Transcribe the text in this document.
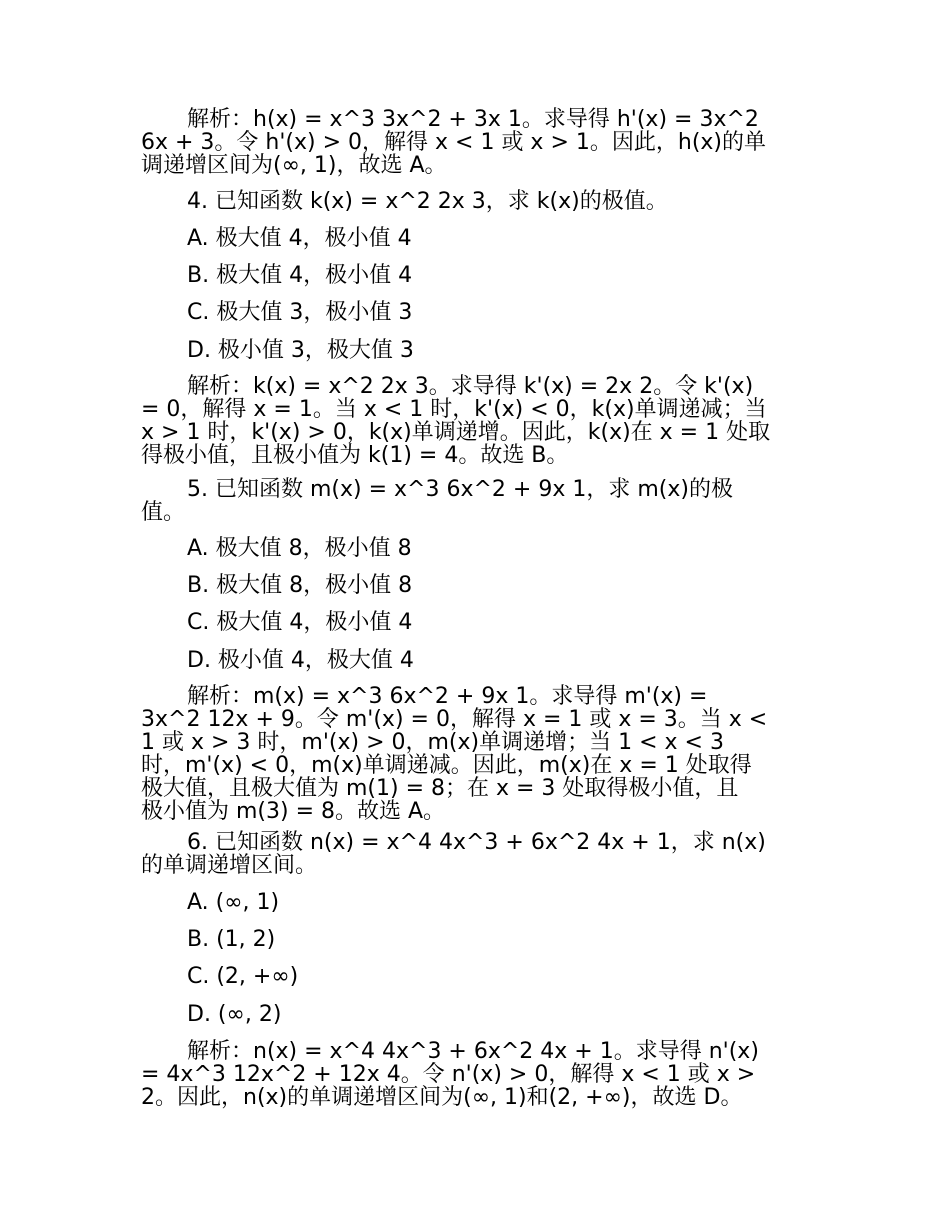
解析：h(x) = x^3 3x^2 + 3x 1。求导得 h'(x) = 3x^2
6x + 3。令 h'(x) > 0，解得 x < 1 或 x > 1。因此，h(x)的单
调递增区间为(∞, 1)，故选 A。
4. 已知函数 k(x) = x^2 2x 3，求 k(x)的极值。
A. 极大值 4，极小值 4
B. 极大值 4，极小值 4
C. 极大值 3，极小值 3
D. 极小值 3，极大值 3
解析：k(x) = x^2 2x 3。求导得 k'(x) = 2x 2。令 k'(x)
= 0，解得 x = 1。当 x < 1 时，k'(x) < 0，k(x)单调递减；当
x > 1 时，k'(x) > 0，k(x)单调递增。因此，k(x)在 x = 1 处取
得极小值，且极小值为 k(1) = 4。故选 B。
5. 已知函数 m(x) = x^3 6x^2 + 9x 1，求 m(x)的极
值。
A. 极大值 8，极小值 8
B. 极大值 8，极小值 8
C. 极大值 4，极小值 4
D. 极小值 4，极大值 4
解析：m(x) = x^3 6x^2 + 9x 1。求导得 m'(x) =
3x^2 12x + 9。令 m'(x) = 0，解得 x = 1 或 x = 3。当 x <
1 或 x > 3 时，m'(x) > 0，m(x)单调递增；当 1 < x < 3
时，m'(x) < 0，m(x)单调递减。因此，m(x)在 x = 1 处取得
极大值，且极大值为 m(1) = 8；在 x = 3 处取得极小值，且
极小值为 m(3) = 8。故选 A。
6. 已知函数 n(x) = x^4 4x^3 + 6x^2 4x + 1，求 n(x)
的单调递增区间。
A. (∞, 1)
B. (1, 2)
C. (2, +∞)
D. (∞, 2)
解析：n(x) = x^4 4x^3 + 6x^2 4x + 1。求导得 n'(x)
= 4x^3 12x^2 + 12x 4。令 n'(x) > 0，解得 x < 1 或 x >
2。因此，n(x)的单调递增区间为(∞, 1)和(2, +∞)，故选 D。
